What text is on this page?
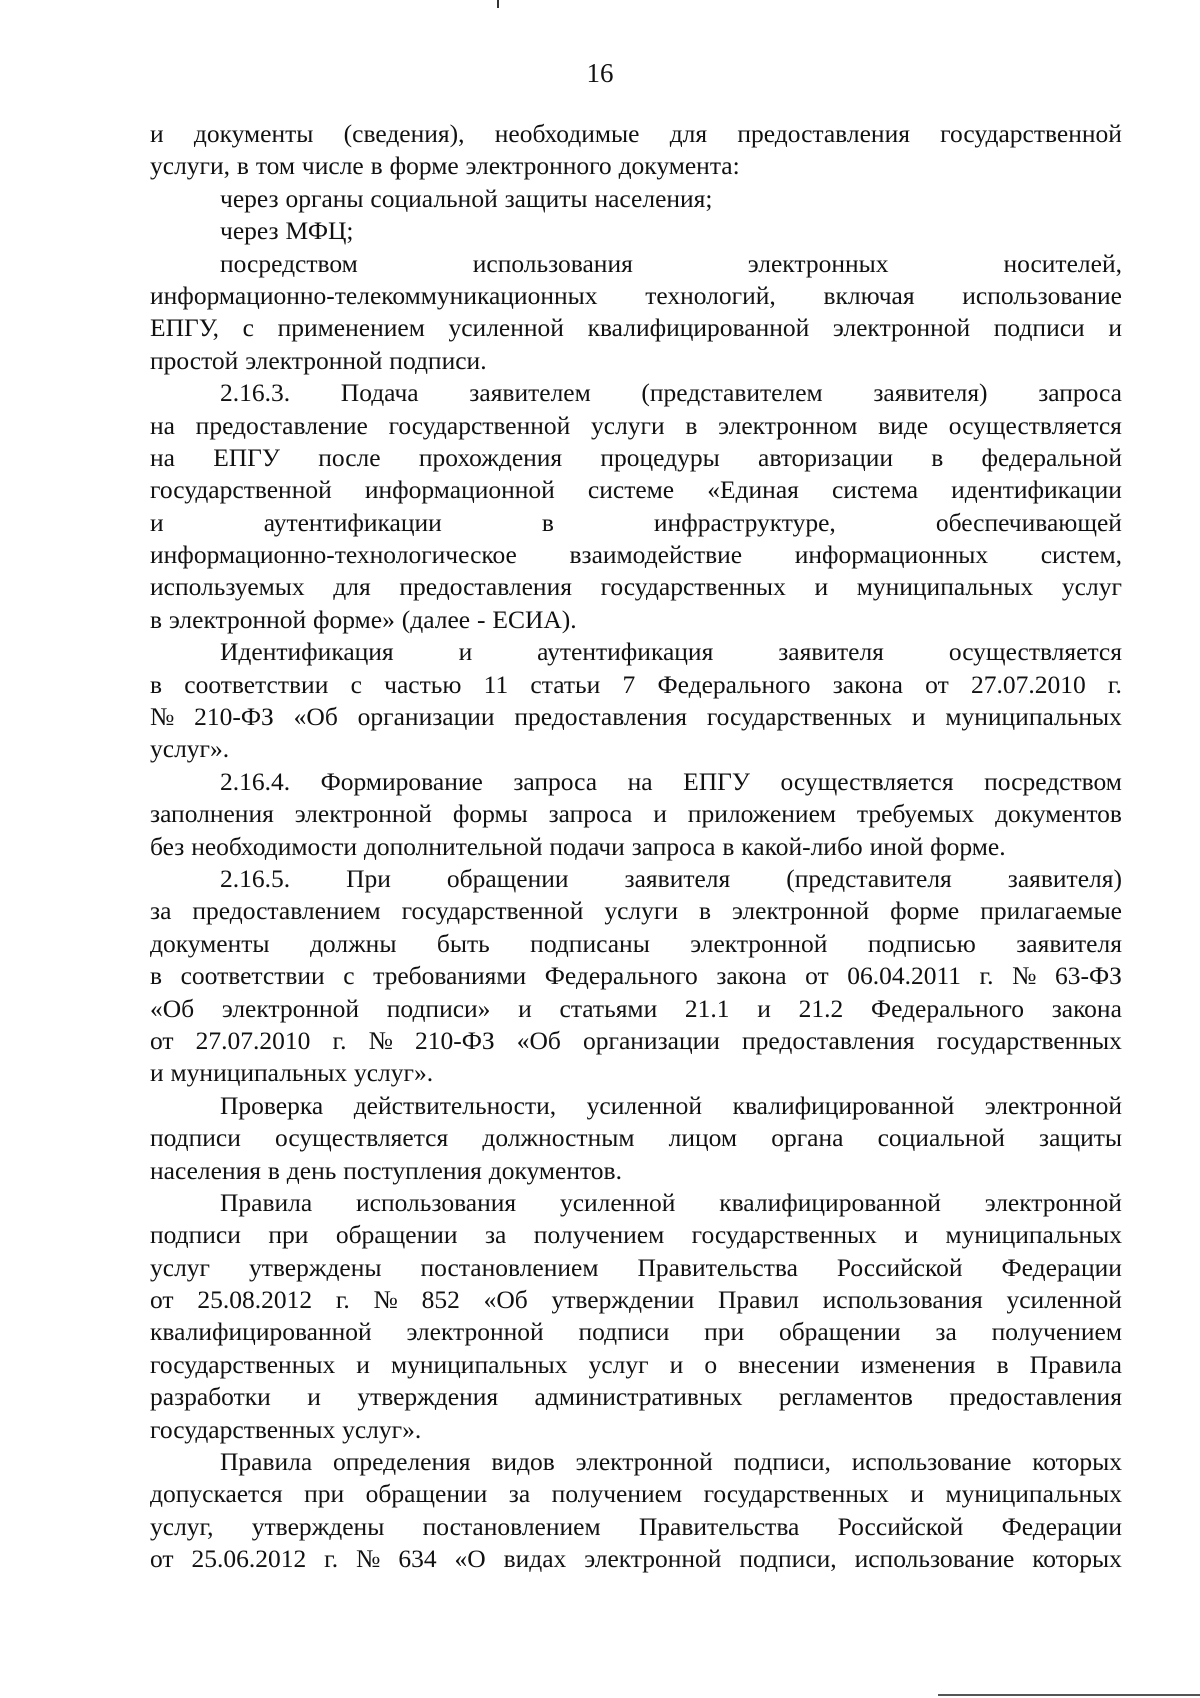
16
и документы (сведения), необходимые для предоставления государственной
услуги, в том числе в форме электронного документа:
через органы социальной защиты населения;
через МФЦ;
посредством	использования	электронных	носителей,
информационно-телекоммуникационных технологий, включая использование
ЕПГУ, с применением усиленной квалифицированной электронной подписи и
простой электронной подписи.
2.16.3. Подача заявителем (представителем заявителя) запроса
на предоставление государственной услуги в электронном виде осуществляется
на ЕПГУ после прохождения процедуры авторизации в федеральной
государственной информационной системе «Единая система идентификации
и	аутентификации	в	инфраструктуре,	обеспечивающей
информационно-технологическое взаимодействие информационных систем,
используемых для предоставления государственных и муниципальных услуг
в электронной форме» (далее - ЕСИА).
Идентификация	и	аутентификация	заявителя	осуществляется
в соответствии с частью 11 статьи 7 Федерального закона от 27.07.2010 г.
№ 210-ФЗ «Об организации предоставления государственных и муниципальных
услуг».
2.16.4. Формирование запроса на ЕПГУ осуществляется посредством
заполнения электронной формы запроса и приложением требуемых документов
без необходимости дополнительной подачи запроса в какой-либо иной форме.
2.16.5. При обращении заявителя (представителя заявителя)
за предоставлением государственной услуги в электронной форме прилагаемые
документы должны быть подписаны электронной подписью заявителя
в соответствии с требованиями Федерального закона от 06.04.2011 г. № 63-ФЗ
«Об электронной подписи» и статьями 21.1 и 21.2 Федерального закона
от 27.07.2010 г. № 210-ФЗ «Об организации предоставления государственных
и муниципальных услуг».
Проверка действительности, усиленной квалифицированной электронной
подписи осуществляется должностным лицом органа социальной защиты
населения в день поступления документов.
Правила использования усиленной квалифицированной электронной
подписи при обращении за получением государственных и муниципальных
услуг утверждены постановлением Правительства Российской Федерации
от 25.08.2012 г. № 852 «Об утверждении Правил использования усиленной
квалифицированной электронной подписи при обращении за получением
государственных и муниципальных услуг и о внесении изменения в Правила
разработки и утверждения административных регламентов предоставления
государственных услуг».
Правила определения видов электронной подписи, использование которых
допускается при обращении за получением государственных и муниципальных
услуг, утверждены постановлением Правительства Российской Федерации
от 25.06.2012 г. № 634 «О видах электронной подписи, использование которых
